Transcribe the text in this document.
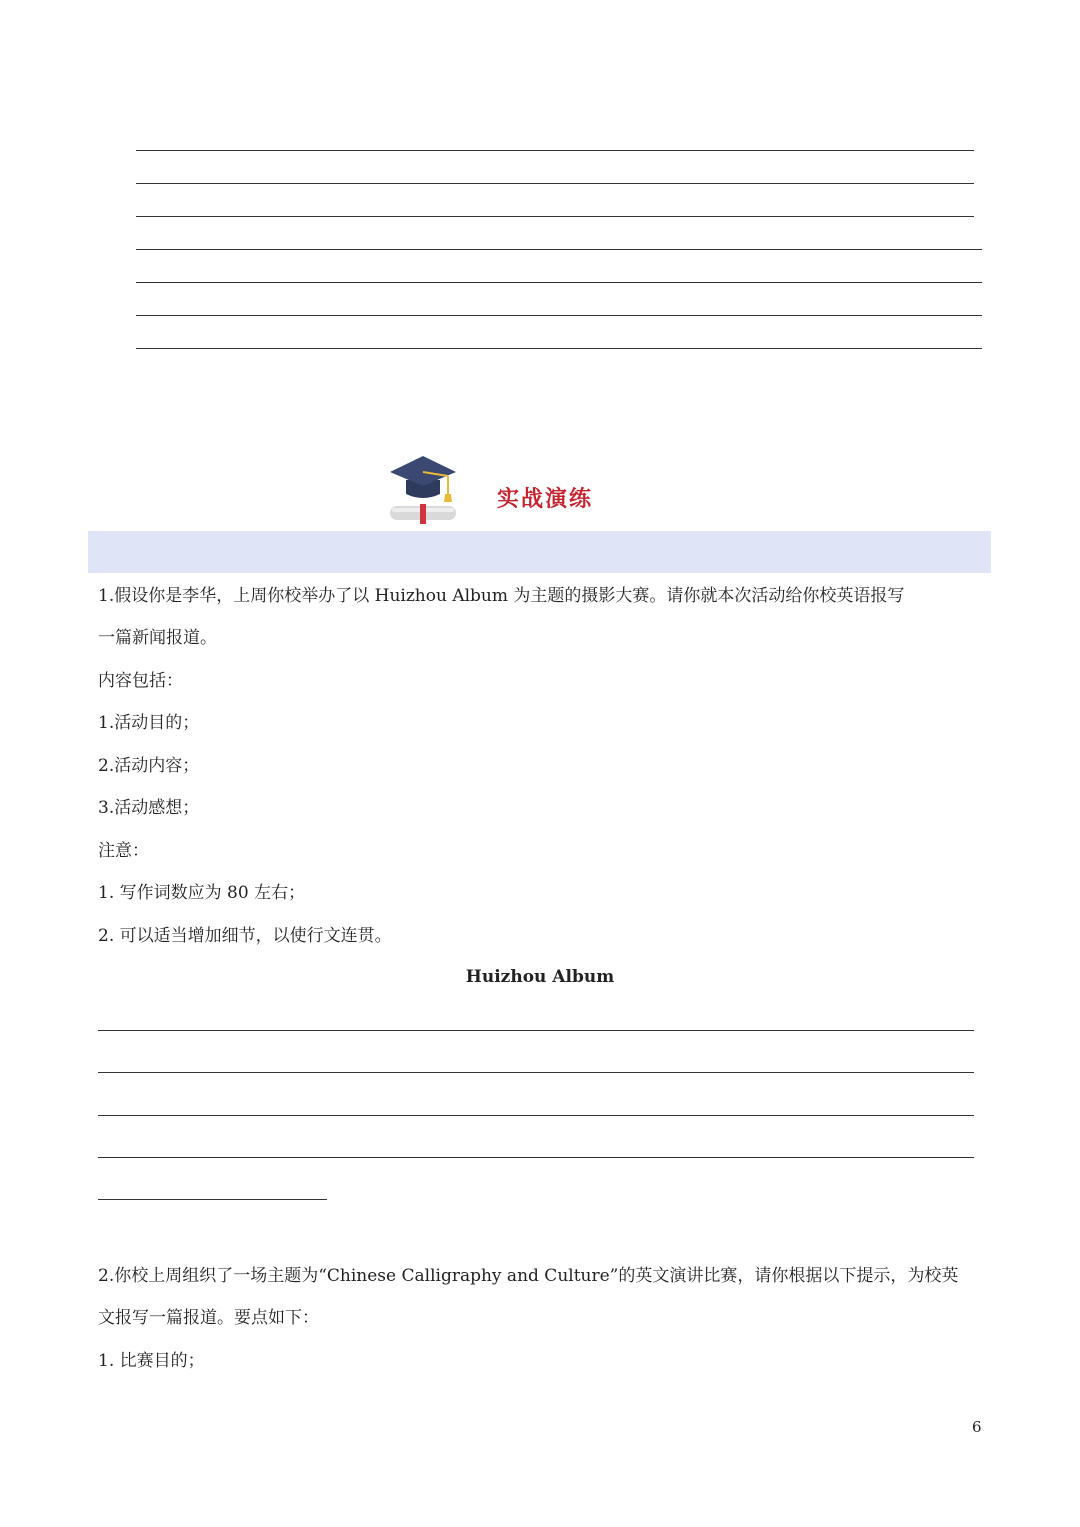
实战演练
1.假设你是李华，上周你校举办了以 Huizhou Album 为主题的摄影大赛。请你就本次活动给你校英语报写
一篇新闻报道。
内容包括：
1.活动目的；
2.活动内容；
3.活动感想；
注意：
1. 写作词数应为 80 左右；
2. 可以适当增加细节，以使行文连贯。
Huizhou Album
2.你校上周组织了一场主题为“Chinese Calligraphy and Culture”的英文演讲比赛，请你根据以下提示，为校英
文报写一篇报道。要点如下：
1. 比赛目的；
6
